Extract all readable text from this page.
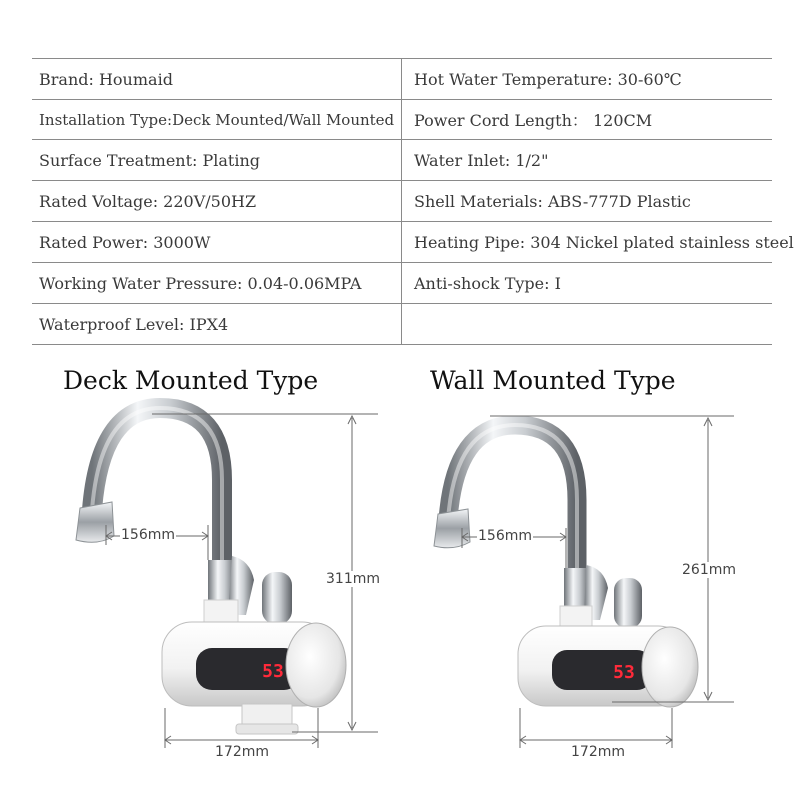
Brand: Houmaid	Hot Water Temperature: 30-60℃
Installation Type:Deck Mounted/Wall Mounted	Power Cord Length： 120CM
Surface Treatment: Plating	Water Inlet: 1/2"
Rated Voltage: 220V/50HZ	Shell Materials: ABS-777D Plastic
Rated Power: 3000W	Heating Pipe: 304 Nickel plated stainless steel
Working Water Pressure: 0.04-0.06MPA	Anti-shock Type: Ⅰ
Waterproof Level: IPX4
Deck Mounted Type	Wall Mounted Type
53	53
156mm
311mm
172mm
156mm
261mm
172mm
